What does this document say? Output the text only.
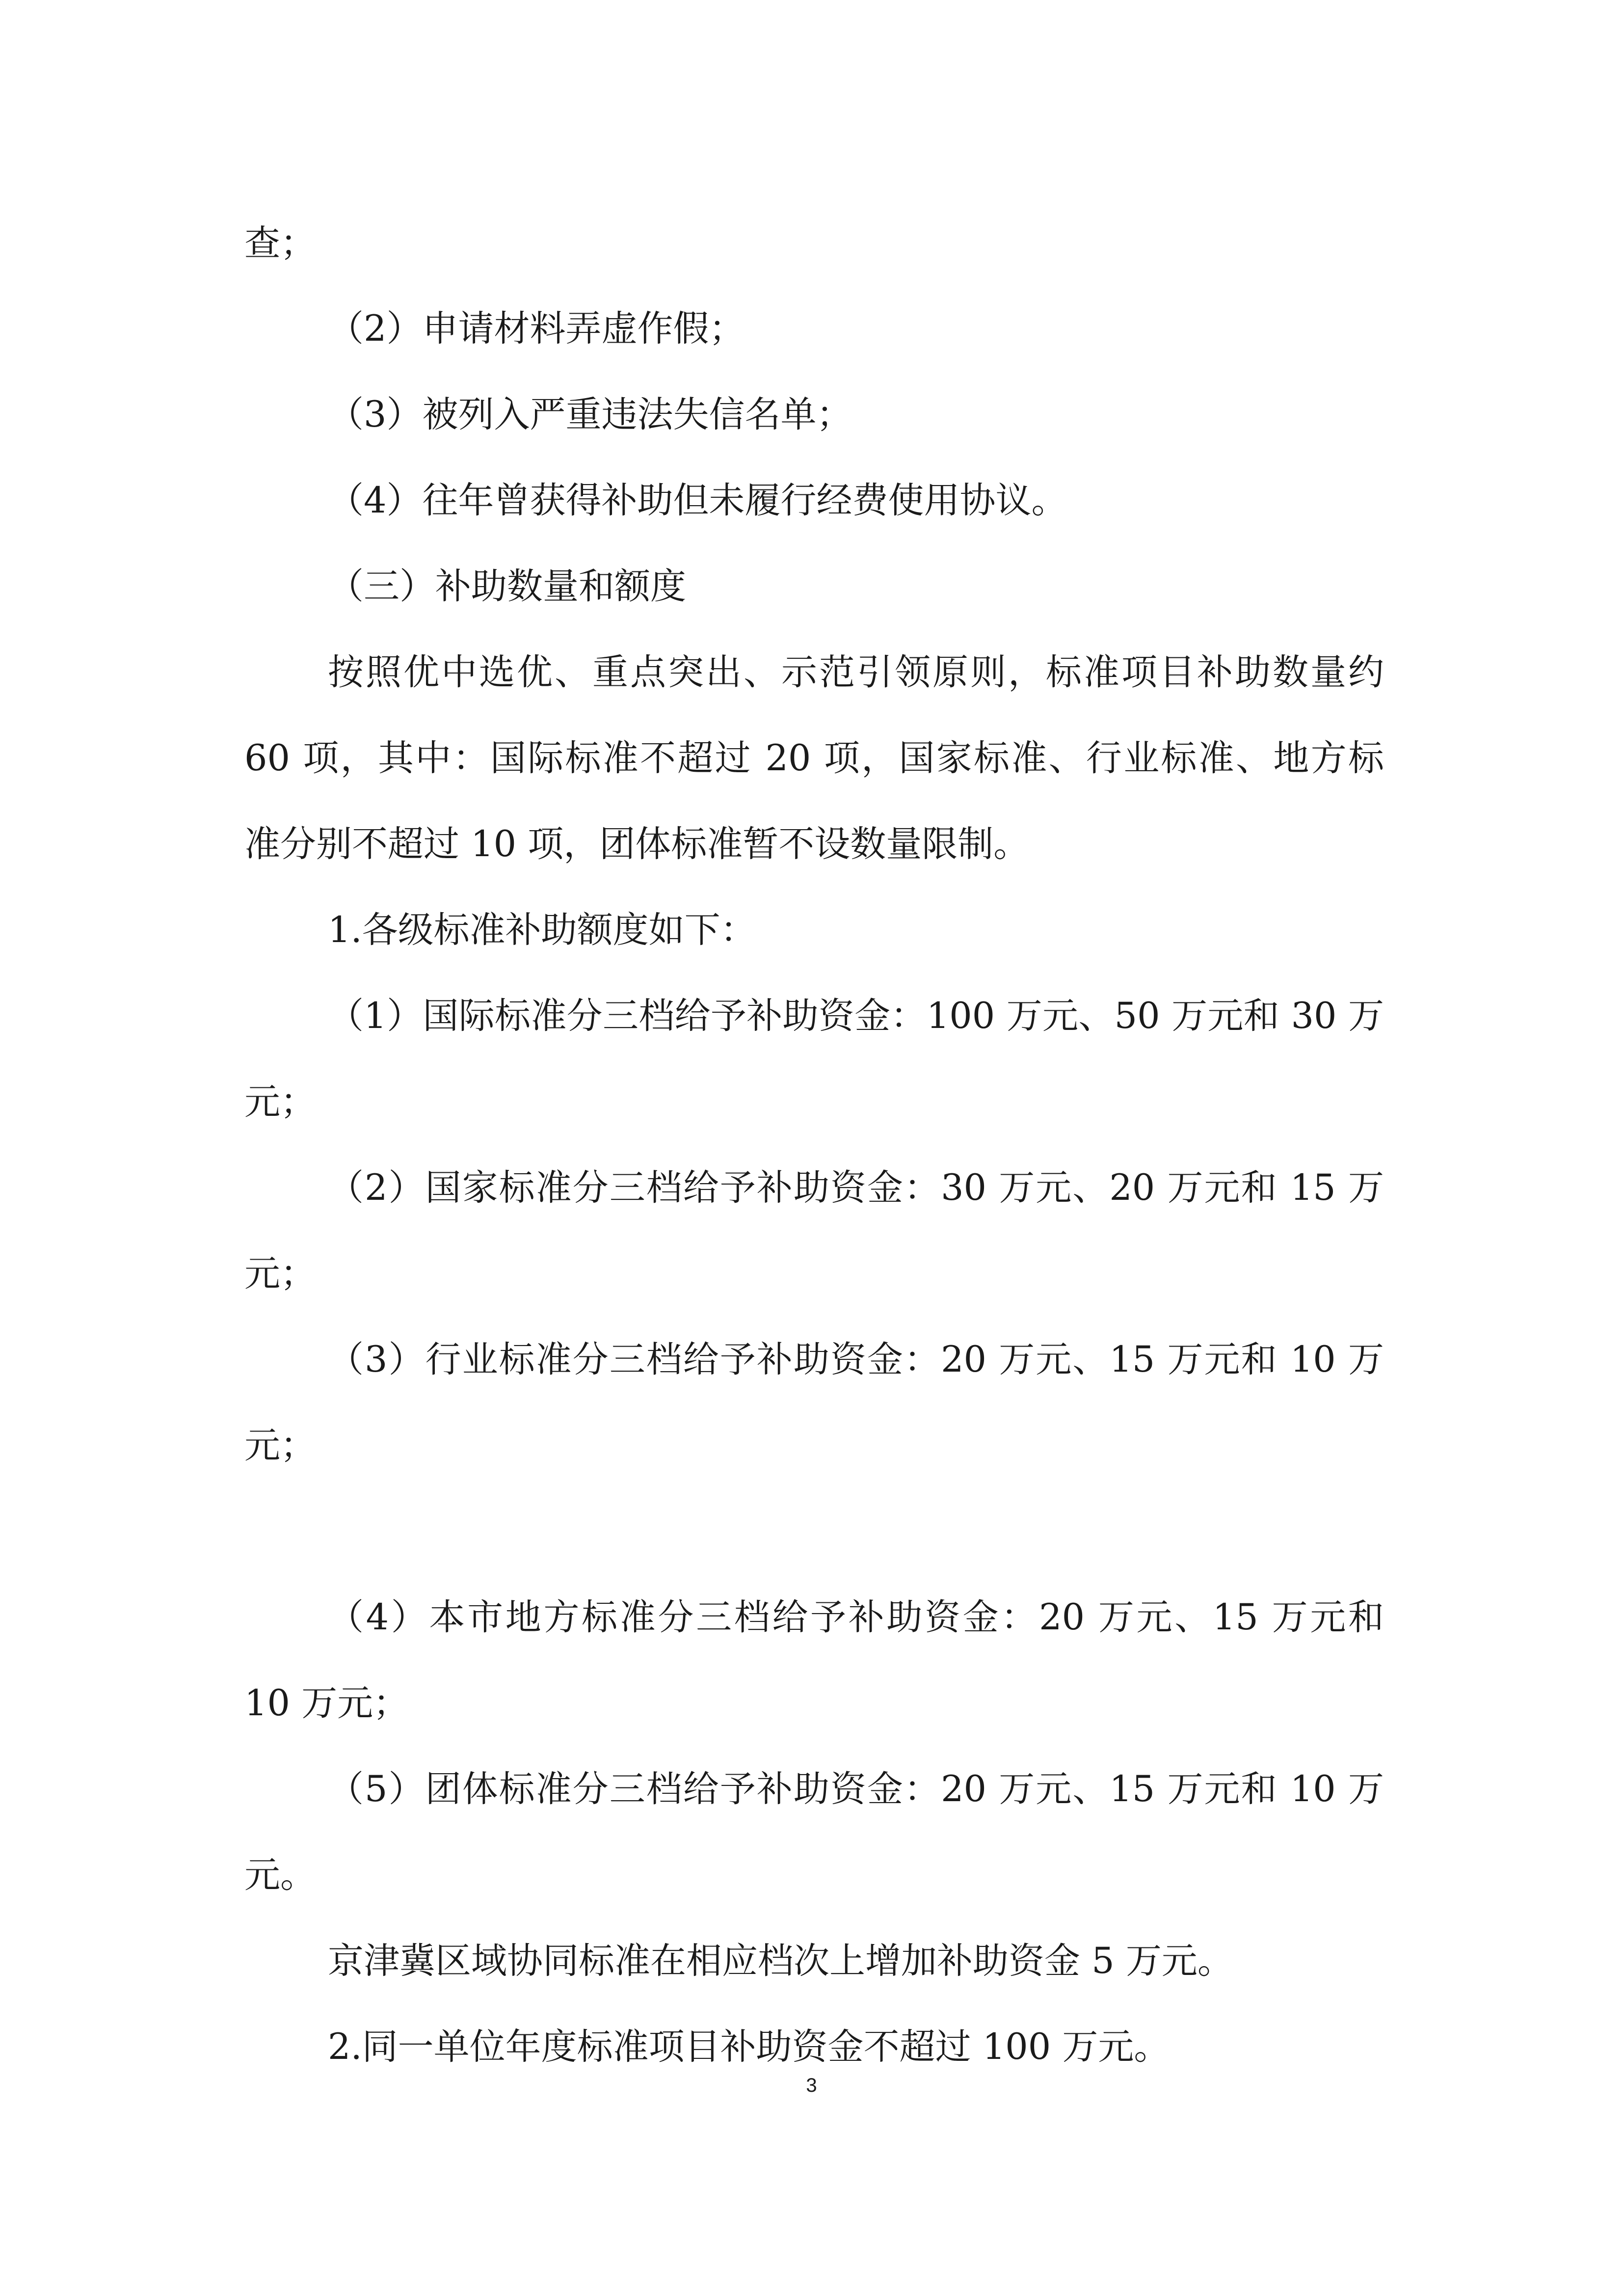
查；
（2）申请材料弄虚作假；
（3）被列入严重违法失信名单；
（4）往年曾获得补助但未履行经费使用协议。
（三）补助数量和额度
按照优中选优、重点突出、示范引领原则，标准项目补助数量约
60 项，其中：国际标准不超过 20 项，国家标准、行业标准、地方标
准分别不超过 10 项，团体标准暂不设数量限制。
1.各级标准补助额度如下：
（1）国际标准分三档给予补助资金：100 万元、50 万元和 30 万
元；
（2）国家标准分三档给予补助资金：30 万元、20 万元和 15 万
元；
（3）行业标准分三档给予补助资金：20 万元、15 万元和 10 万
元；
（4）本市地方标准分三档给予补助资金：20 万元、15 万元和
10 万元；
（5）团体标准分三档给予补助资金：20 万元、15 万元和 10 万
元。
京津冀区域协同标准在相应档次上增加补助资金 5 万元。
2.同一单位年度标准项目补助资金不超过 100 万元。
3
